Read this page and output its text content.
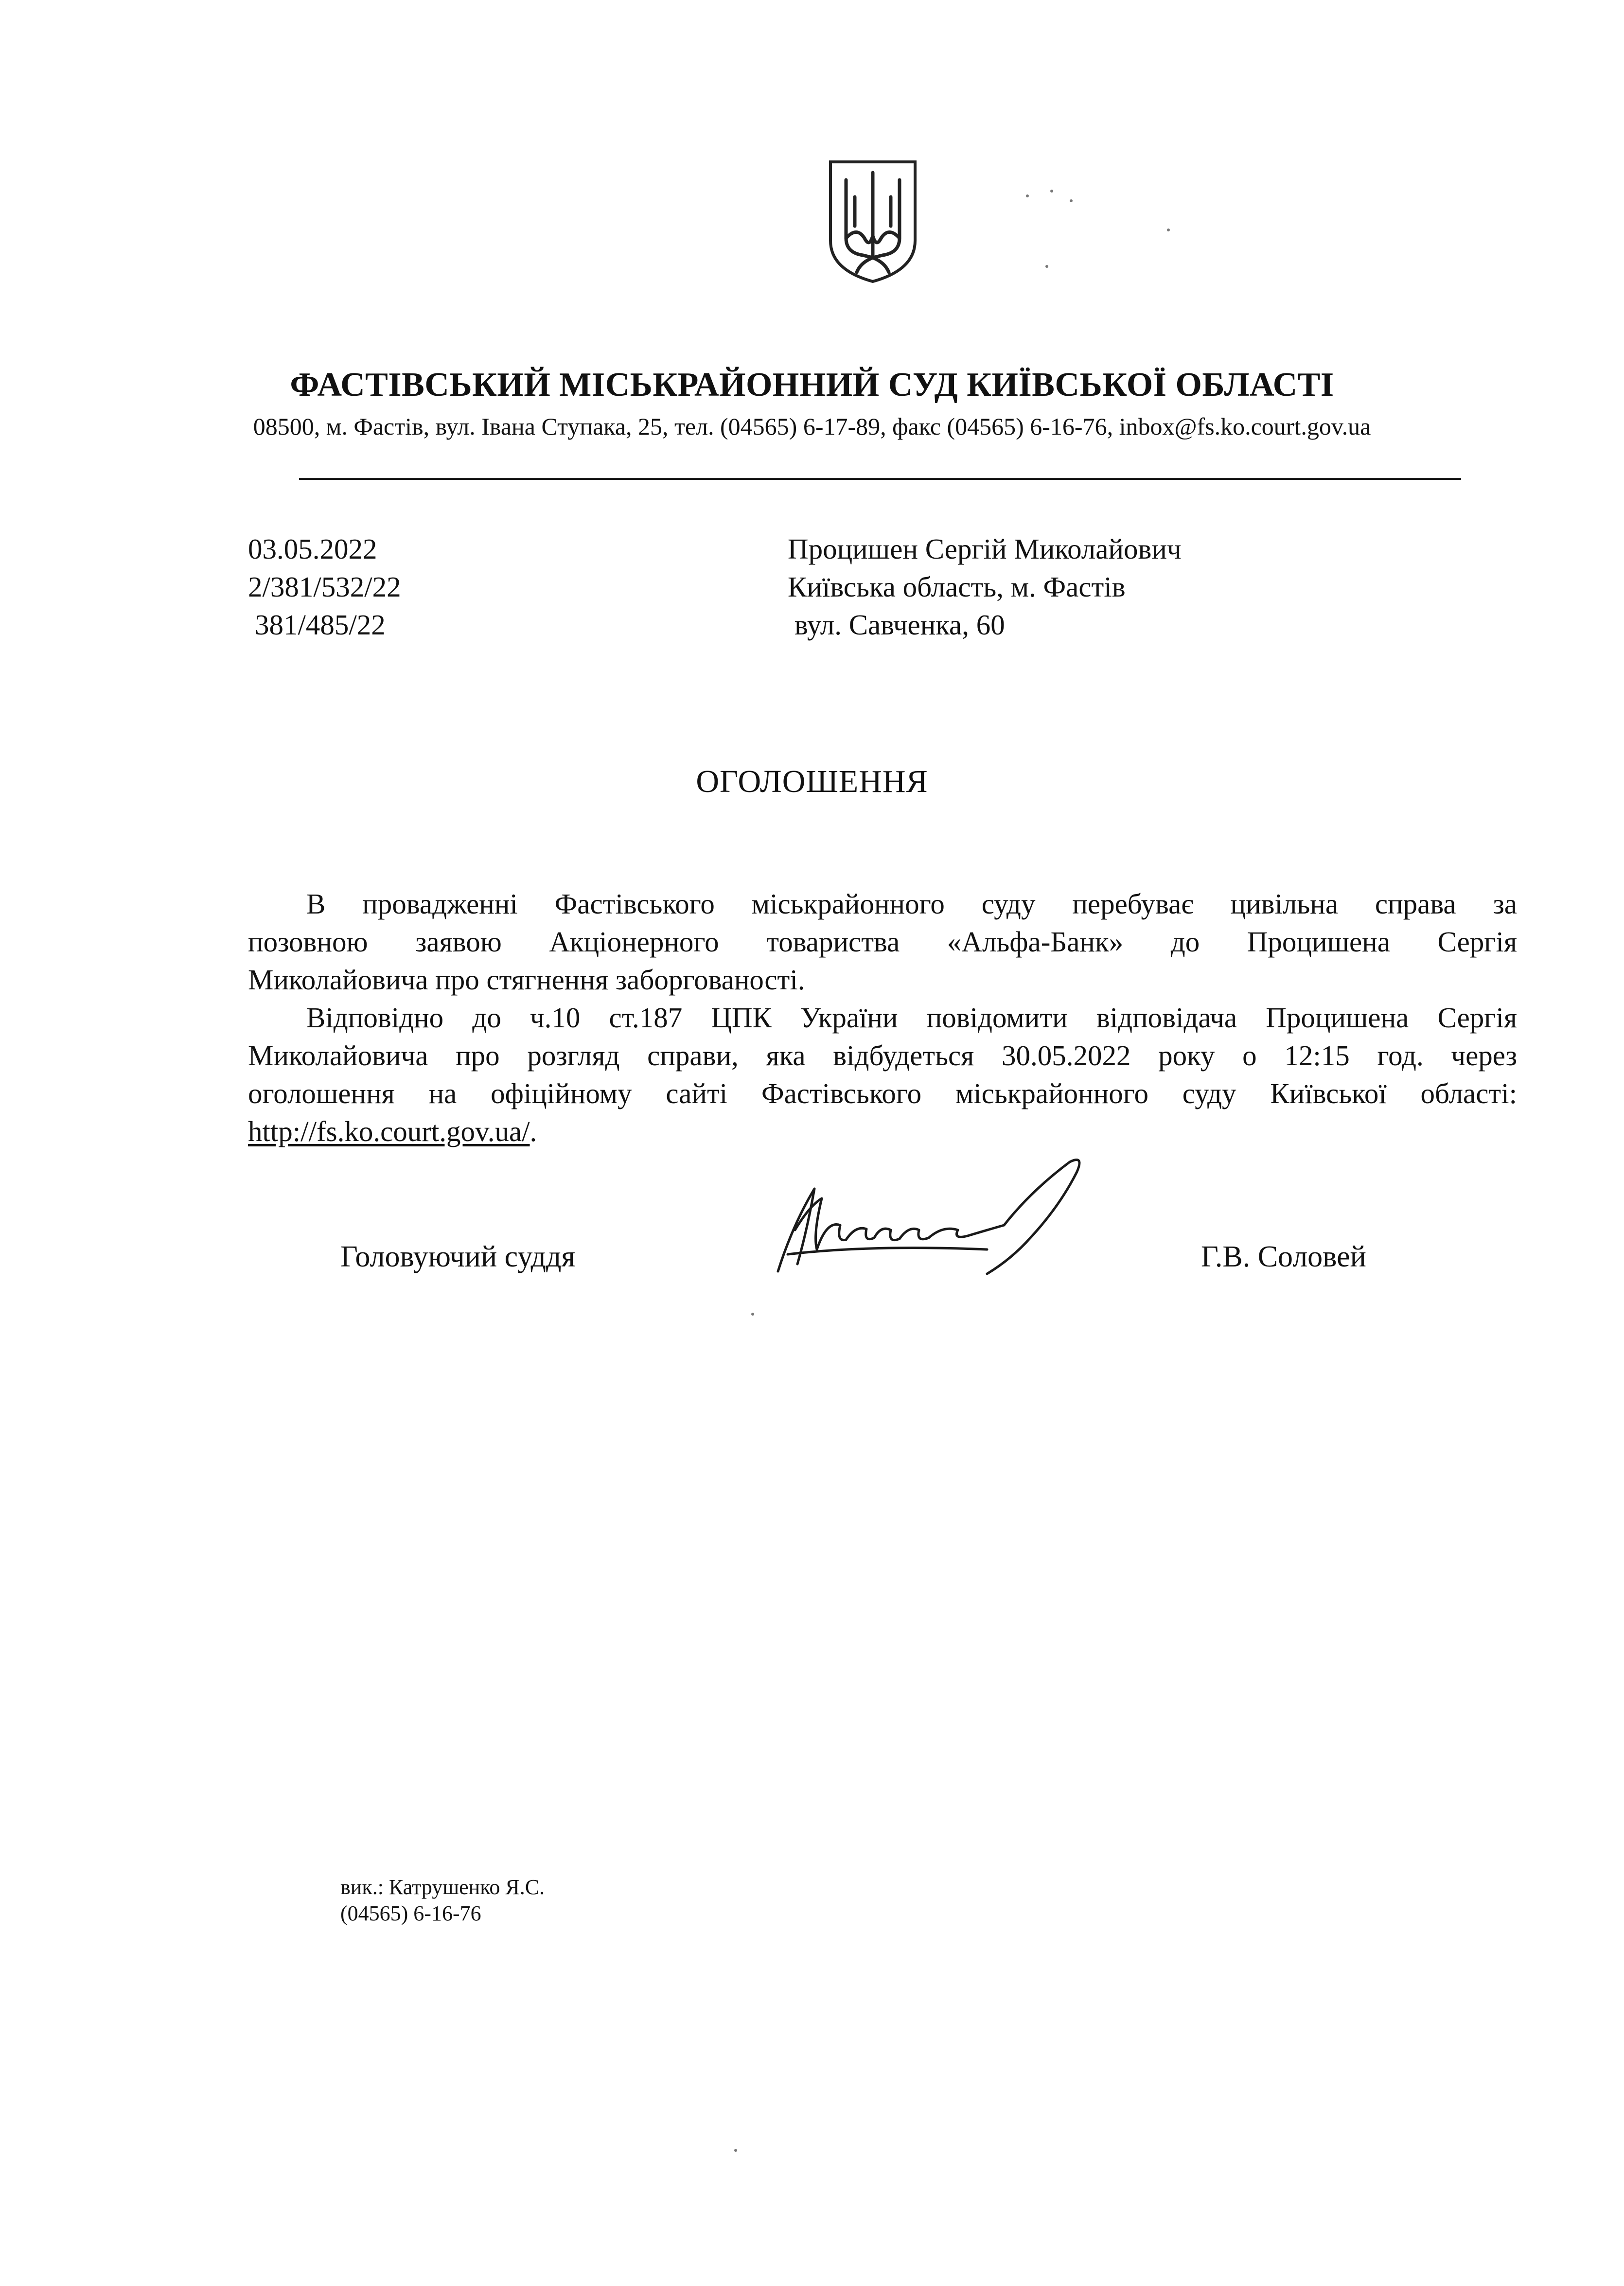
ФАСТІВСЬКИЙ МІСЬКРАЙОННИЙ СУД КИЇВСЬКОЇ ОБЛАСТІ
08500, м. Фастів, вул. Івана Ступака, 25, тел. (04565) 6-17-89, факс (04565) 6-16-76, inbox@fs.ko.court.gov.ua
03.05.2022
2/381/532/22
381/485/22
Процишен Сергій Миколайович
Київська область, м. Фастів
вул. Савченка, 60
ОГОЛОШЕННЯ
В провадженні Фастівського міськрайонного суду перебуває цивільна справа за
позовною заявою Акціонерного товариства «Альфа-Банк» до Процишена Сергія
Миколайовича про стягнення заборгованості.
Відповідно до ч.10 ст.187 ЦПК України повідомити відповідача Процишена Сергія
Миколайовича про розгляд справи, яка відбудеться 30.05.2022 року о 12:15 год. через
оголошення на офіційному сайті Фастівського міськрайонного суду Київської області:
http://fs.ko.court.gov.ua/.
Головуючий суддя	Г.В. Соловей
вик.: Катрушенко Я.С.
(04565) 6-16-76
